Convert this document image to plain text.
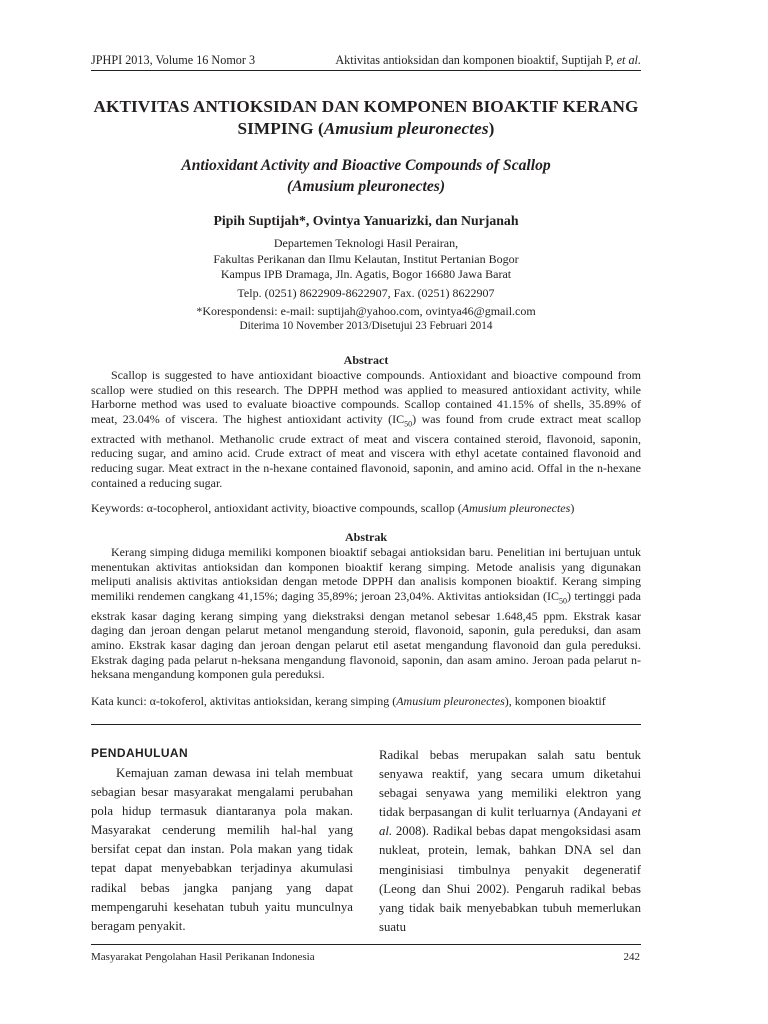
JPHPI 2013, Volume 16 Nomor 3	Aktivitas antioksidan dan komponen bioaktif, Suptijah P, et al.
AKTIVITAS ANTIOKSIDAN DAN KOMPONEN BIOAKTIF KERANG
SIMPING (Amusium pleuronectes)
Antioxidant Activity and Bioactive Compounds of Scallop
(Amusium pleuronectes)
Pipih Suptijah*, Ovintya Yanuarizki, dan Nurjanah
Departemen Teknologi Hasil Perairan,
Fakultas Perikanan dan Ilmu Kelautan, Institut Pertanian Bogor
Kampus IPB Dramaga, Jln. Agatis, Bogor 16680 Jawa Barat
Telp. (0251) 8622909-8622907, Fax. (0251) 8622907
*Korespondensi: e-mail: suptijah@yahoo.com, ovintya46@gmail.com
Diterima 10 November 2013/Disetujui 23 Februari 2014
Abstract
Scallop is suggested to have antioxidant bioactive compounds. Antioxidant and bioactive compound from scallop were studied on this research. The DPPH method was applied to measured antioxidant activity, while Harborne method was used to evaluate bioactive compounds. Scallop contained 41.15% of shells, 35.89% of meat, 23.04% of viscera. The highest antioxidant activity $(IC_{50})$ was found from crude extract meat scallop extracted with methanol. Methanolic crude extract of meat and viscera contained steroid, flavonoid, saponin, reducing sugar, and amino acid. Crude extract of meat and viscera with ethyl acetate contained flavonoid and reducing sugar. Meat extract in the n-hexane contained flavonoid, saponin, and amino acid. Offal in the n-hexane contained a reducing sugar.
Keywords: α-tocopherol, antioxidant activity, bioactive compounds, scallop (Amusium pleuronectes)
Abstrak
Kerang simping diduga memiliki komponen bioaktif sebagai antioksidan baru. Penelitian ini bertujuan untuk menentukan aktivitas antioksidan dan komponen bioaktif kerang simping. Metode analisis yang digunakan meliputi analisis aktivitas antioksidan dengan metode DPPH dan analisis komponen bioaktif. Kerang simping memiliki rendemen cangkang 41,15%; daging 35,89%; jeroan 23,04%. Aktivitas antioksidan $(IC_{50})$ tertinggi pada ekstrak kasar daging kerang simping yang diekstraksi dengan metanol sebesar 1.648,45 ppm. Ekstrak kasar daging dan jeroan dengan pelarut metanol mengandung steroid, flavonoid, saponin, gula pereduksi, dan asam amino. Ekstrak kasar daging dan jeroan dengan pelarut etil asetat mengandung flavonoid dan gula pereduksi. Ekstrak daging pada pelarut n-heksana mengandung flavonoid, saponin, dan asam amino. Jeroan pada pelarut n-heksana mengandung komponen gula pereduksi.
Kata kunci: α-tokoferol, aktivitas antioksidan, kerang simping (Amusium pleuronectes), komponen bioaktif
PENDAHULUAN
Kemajuan zaman dewasa ini telah membuat sebagian besar masyarakat mengalami perubahan pola hidup termasuk diantaranya pola makan. Masyarakat cenderung memilih hal-hal yang bersifat cepat dan instan. Pola makan yang tidak tepat dapat menyebabkan terjadinya akumulasi radikal bebas jangka panjang yang dapat mempengaruhi kesehatan tubuh yaitu munculnya beragam penyakit.
Radikal bebas merupakan salah satu bentuk senyawa reaktif, yang secara umum diketahui sebagai senyawa yang memiliki elektron yang tidak berpasangan di kulit terluarnya (Andayani et al. 2008). Radikal bebas dapat mengoksidasi asam nukleat, protein, lemak, bahkan DNA sel dan menginisiasi timbulnya penyakit degeneratif (Leong dan Shui 2002). Pengaruh radikal bebas yang tidak baik menyebabkan tubuh memerlukan suatu
Masyarakat Pengolahan Hasil Perikanan Indonesia	242
